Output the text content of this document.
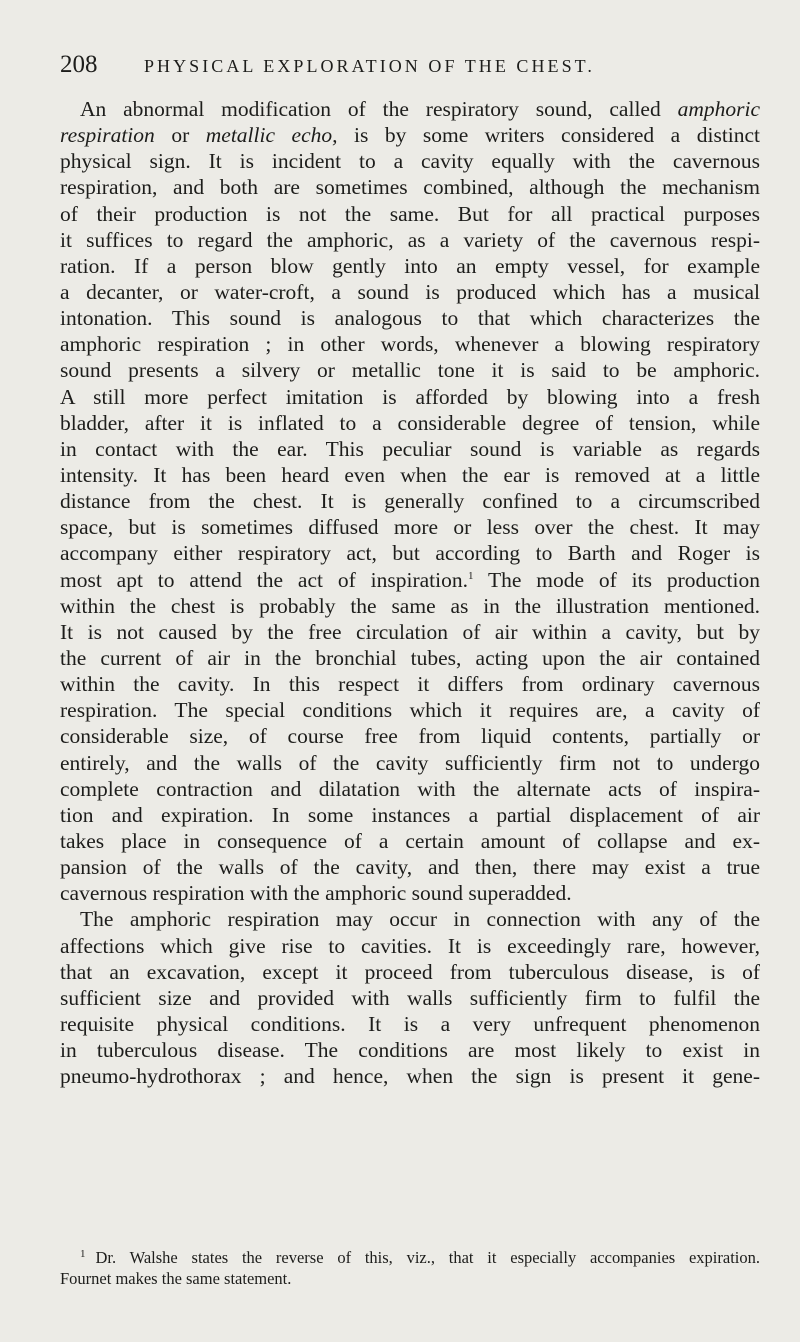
208	PHYSICAL EXPLORATION OF THE CHEST.
An abnormal modification of the respiratory sound, called amphoric
respiration or metallic echo, is by some writers considered a distinct
physical sign. It is incident to a cavity equally with the cavernous
respiration, and both are sometimes combined, although the mechanism
of their production is not the same. But for all practical purposes
it suffices to regard the amphoric, as a variety of the cavernous respi-
ration. If a person blow gently into an empty vessel, for example
a decanter, or water-croft, a sound is produced which has a musical
intonation. This sound is analogous to that which characterizes the
amphoric respiration ; in other words, whenever a blowing respiratory
sound presents a silvery or metallic tone it is said to be amphoric.
A still more perfect imitation is afforded by blowing into a fresh
bladder, after it is inflated to a considerable degree of tension, while
in contact with the ear. This peculiar sound is variable as regards
intensity. It has been heard even when the ear is removed at a little
distance from the chest. It is generally confined to a circumscribed
space, but is sometimes diffused more or less over the chest. It may
accompany either respiratory act, but according to Barth and Roger is
most apt to attend the act of inspiration.$^1$ The mode of its production
within the chest is probably the same as in the illustration mentioned.
It is not caused by the free circulation of air within a cavity, but by
the current of air in the bronchial tubes, acting upon the air contained
within the cavity. In this respect it differs from ordinary cavernous
respiration. The special conditions which it requires are, a cavity of
considerable size, of course free from liquid contents, partially or
entirely, and the walls of the cavity sufficiently firm not to undergo
complete contraction and dilatation with the alternate acts of inspira-
tion and expiration. In some instances a partial displacement of air
takes place in consequence of a certain amount of collapse and ex-
pansion of the walls of the cavity, and then, there may exist a true
cavernous respiration with the amphoric sound superadded.
The amphoric respiration may occur in connection with any of the
affections which give rise to cavities. It is exceedingly rare, however,
that an excavation, except it proceed from tuberculous disease, is of
sufficient size and provided with walls sufficiently firm to fulfil the
requisite physical conditions. It is a very unfrequent phenomenon
in tuberculous disease. The conditions are most likely to exist in
pneumo-hydrothorax ; and hence, when the sign is present it gene-
$^1$ Dr. Walshe states the reverse of this, viz., that it especially accompanies expiration.
Fournet makes the same statement.
